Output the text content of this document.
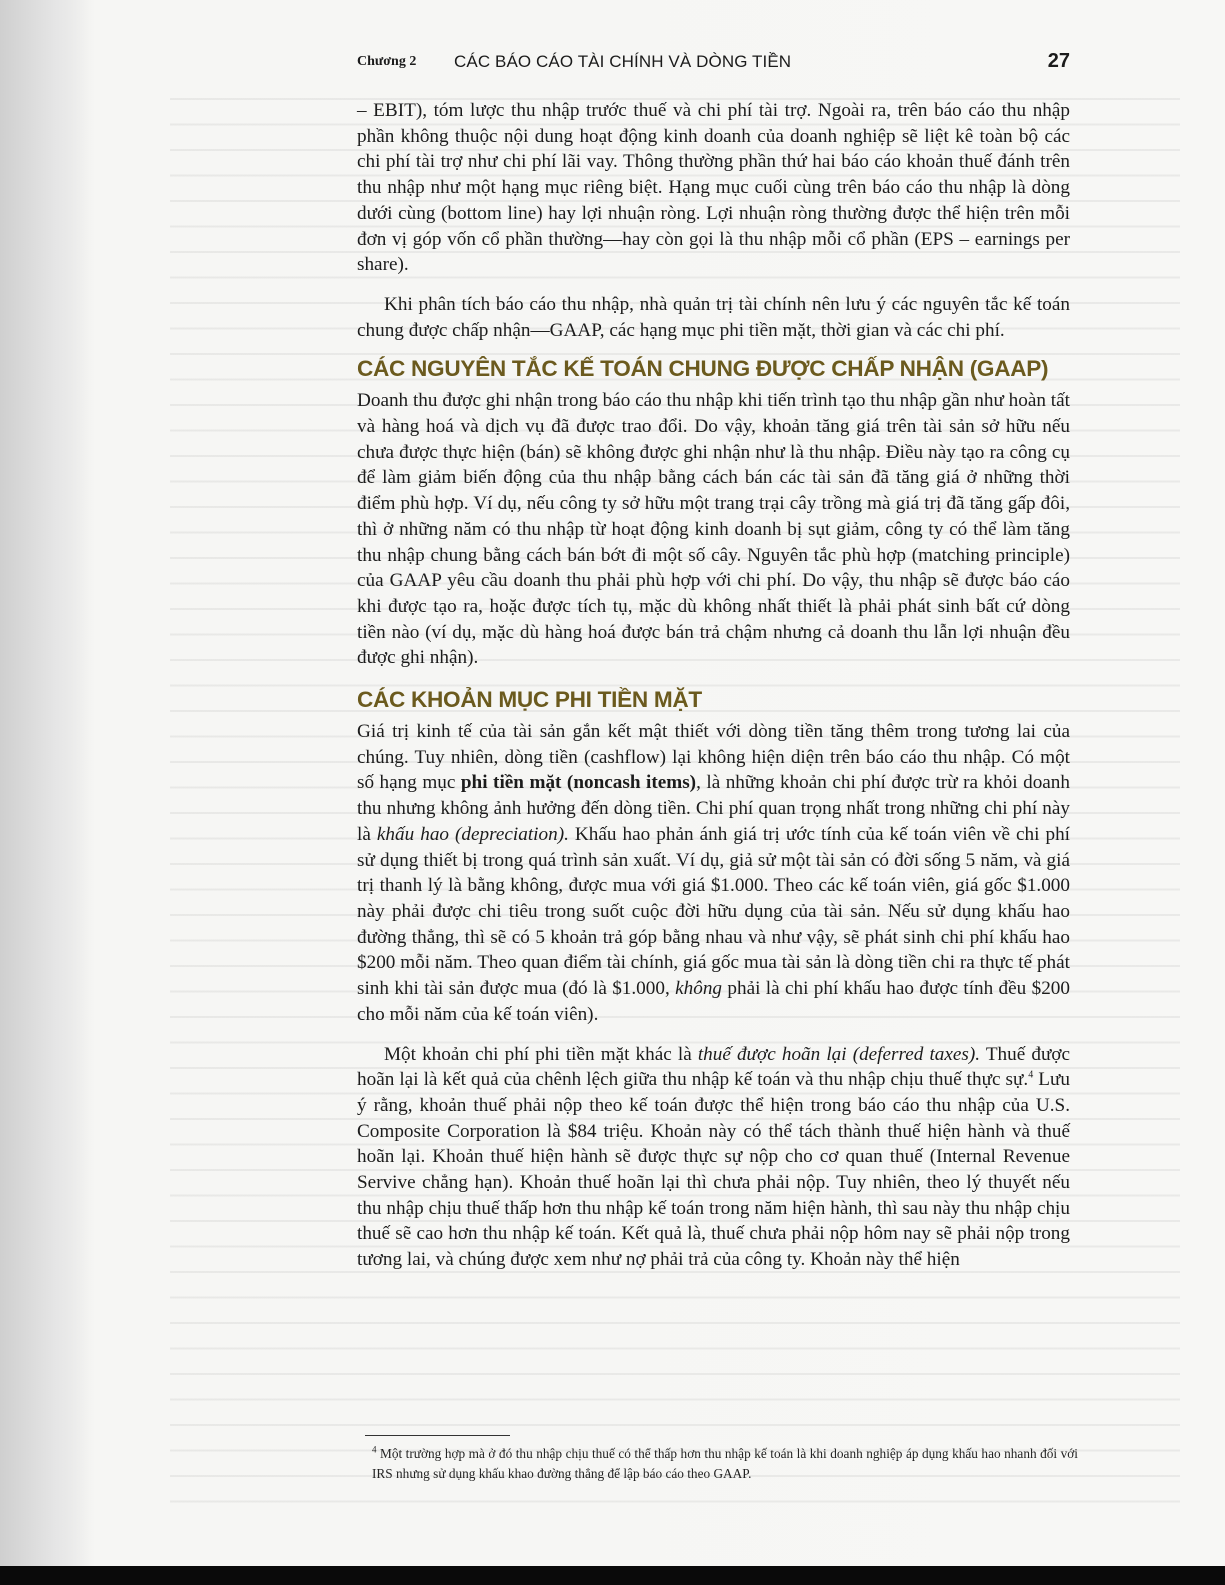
Chương 2 CÁC BÁO CÁO TÀI CHÍNH VÀ DÒNG TIỀN	27

– EBIT), tóm lược thu nhập trước thuế và chi phí tài trợ. Ngoài ra, trên báo cáo thu nhập phần không thuộc nội dung hoạt động kinh doanh của doanh nghiệp sẽ liệt kê toàn bộ các chi phí tài trợ như chi phí lãi vay. Thông thường phần thứ hai báo cáo khoản thuế đánh trên thu nhập như một hạng mục riêng biệt. Hạng mục cuối cùng trên báo cáo thu nhập là dòng dưới cùng (bottom line) hay lợi nhuận ròng. Lợi nhuận ròng thường được thể hiện trên mỗi đơn vị góp vốn cổ phần thường—hay còn gọi là thu nhập mỗi cổ phần (EPS – earnings per share).

Khi phân tích báo cáo thu nhập, nhà quản trị tài chính nên lưu ý các nguyên tắc kế toán chung được chấp nhận—GAAP, các hạng mục phi tiền mặt, thời gian và các chi phí.

CÁC NGUYÊN TẮC KẾ TOÁN CHUNG ĐƯỢC CHẤP NHẬN (GAAP)

Doanh thu được ghi nhận trong báo cáo thu nhập khi tiến trình tạo thu nhập gần như hoàn tất và hàng hoá và dịch vụ đã được trao đổi. Do vậy, khoản tăng giá trên tài sản sở hữu nếu chưa được thực hiện (bán) sẽ không được ghi nhận như là thu nhập. Điều này tạo ra công cụ để làm giảm biến động của thu nhập bằng cách bán các tài sản đã tăng giá ở những thời điểm phù hợp. Ví dụ, nếu công ty sở hữu một trang trại cây trồng mà giá trị đã tăng gấp đôi, thì ở những năm có thu nhập từ hoạt động kinh doanh bị sụt giảm, công ty có thể làm tăng thu nhập chung bằng cách bán bớt đi một số cây. Nguyên tắc phù hợp (matching principle) của GAAP yêu cầu doanh thu phải phù hợp với chi phí. Do vậy, thu nhập sẽ được báo cáo khi được tạo ra, hoặc được tích tụ, mặc dù không nhất thiết là phải phát sinh bất cứ dòng tiền nào (ví dụ, mặc dù hàng hoá được bán trả chậm nhưng cả doanh thu lẫn lợi nhuận đều được ghi nhận).

CÁC KHOẢN MỤC PHI TIỀN MẶT

Giá trị kinh tế của tài sản gắn kết mật thiết với dòng tiền tăng thêm trong tương lai của chúng. Tuy nhiên, dòng tiền (cashflow) lại không hiện diện trên báo cáo thu nhập. Có một số hạng mục phi tiền mặt (noncash items), là những khoản chi phí được trừ ra khỏi doanh thu nhưng không ảnh hưởng đến dòng tiền. Chi phí quan trọng nhất trong những chi phí này là khấu hao (depreciation). Khấu hao phản ánh giá trị ước tính của kế toán viên về chi phí sử dụng thiết bị trong quá trình sản xuất. Ví dụ, giả sử một tài sản có đời sống 5 năm, và giá trị thanh lý là bằng không, được mua với giá $1.000. Theo các kế toán viên, giá gốc $1.000 này phải được chi tiêu trong suốt cuộc đời hữu dụng của tài sản. Nếu sử dụng khấu hao đường thẳng, thì sẽ có 5 khoản trả góp bằng nhau và như vậy, sẽ phát sinh chi phí khấu hao $200 mỗi năm. Theo quan điểm tài chính, giá gốc mua tài sản là dòng tiền chi ra thực tế phát sinh khi tài sản được mua (đó là $1.000, không phải là chi phí khấu hao được tính đều $200 cho mỗi năm của kế toán viên).

Một khoản chi phí phi tiền mặt khác là thuế được hoãn lại (deferred taxes). Thuế được hoãn lại là kết quả của chênh lệch giữa thu nhập kế toán và thu nhập chịu thuế thực sự.$^4$ Lưu ý rằng, khoản thuế phải nộp theo kế toán được thể hiện trong báo cáo thu nhập của U.S. Composite Corporation là $84 triệu. Khoản này có thể tách thành thuế hiện hành và thuế hoãn lại. Khoản thuế hiện hành sẽ được thực sự nộp cho cơ quan thuế (Internal Revenue Servive chẳng hạn). Khoản thuế hoãn lại thì chưa phải nộp. Tuy nhiên, theo lý thuyết nếu thu nhập chịu thuế thấp hơn thu nhập kế toán trong năm hiện hành, thì sau này thu nhập chịu thuế sẽ cao hơn thu nhập kế toán. Kết quả là, thuế chưa phải nộp hôm nay sẽ phải nộp trong tương lai, và chúng được xem như nợ phải trả của công ty. Khoản này thể hiện

$^4$ Một trường hợp mà ở đó thu nhập chịu thuế có thể thấp hơn thu nhập kế toán là khi doanh nghiệp áp dụng khấu hao nhanh đối với IRS nhưng sử dụng khấu khao đường thẳng để lập báo cáo theo GAAP.
